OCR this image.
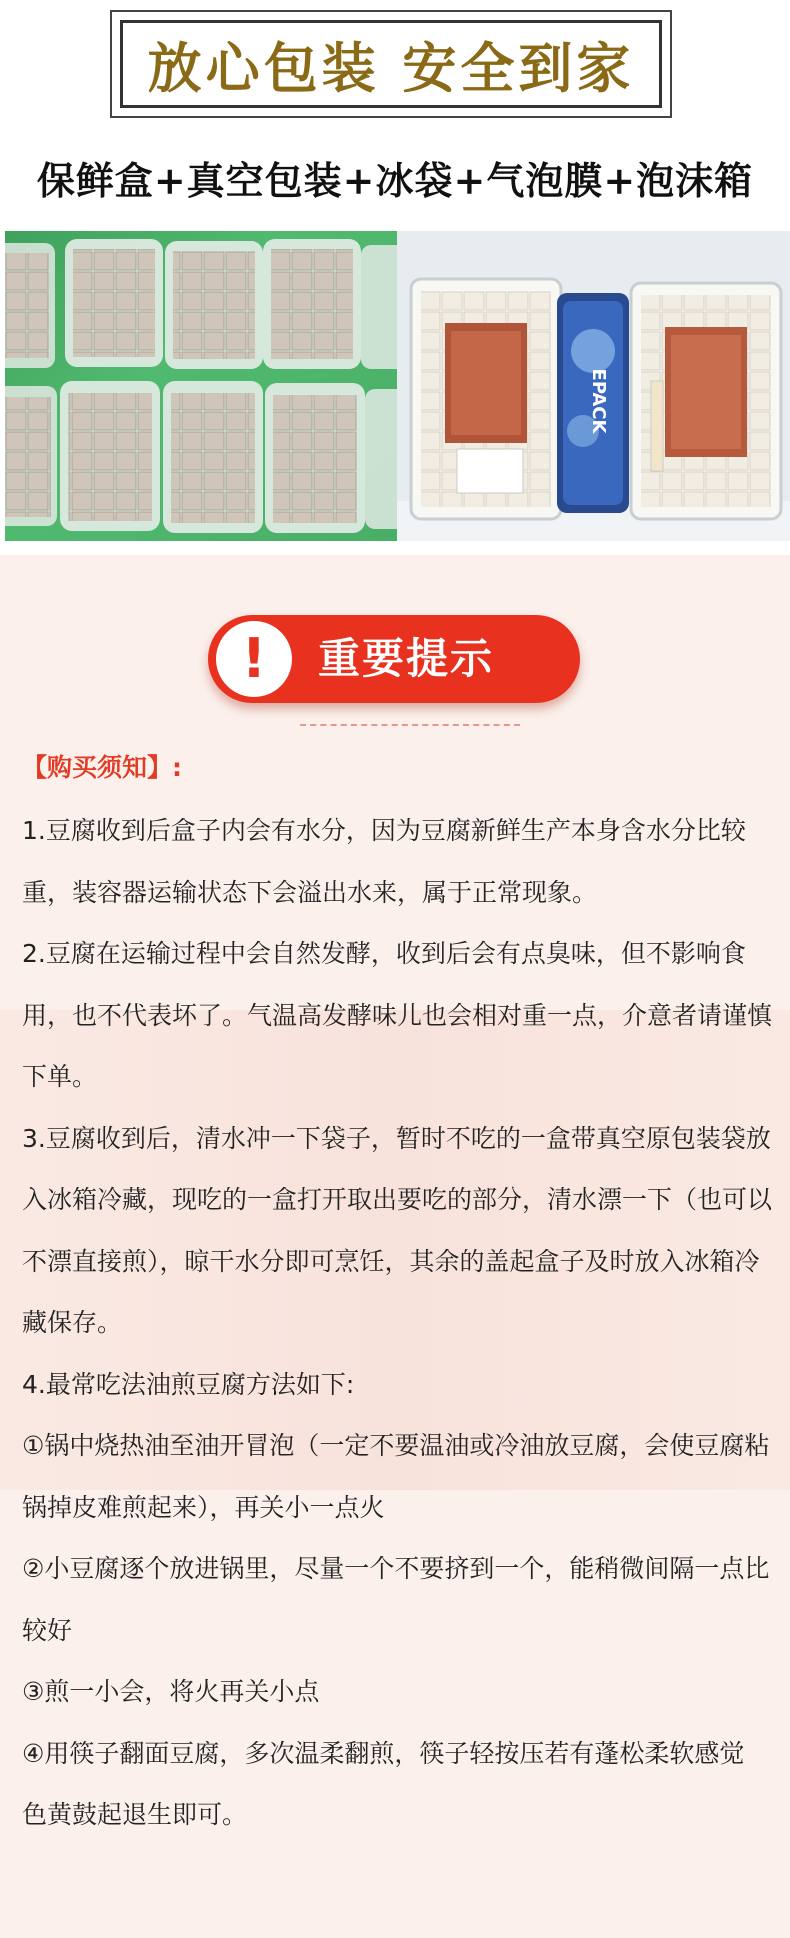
放心包装 安全到家
保鲜盒+真空包装+冰袋+气泡膜+泡沫箱
EPACK
! 重要提示
【购买须知】:

1.豆腐收到后盒子内会有水分，因为豆腐新鲜生产本身含水分比较重，装容器运输状态下会溢出水来，属于正常现象。

2.豆腐在运输过程中会自然发酵，收到后会有点臭味，但不影响食用，也不代表坏了。气温高发酵味儿也会相对重一点，介意者请谨慎下单。

3.豆腐收到后，清水冲一下袋子，暂时不吃的一盒带真空原包装袋放入冰箱冷藏，现吃的一盒打开取出要吃的部分，清水漂一下（也可以不漂直接煎），晾干水分即可烹饪，其余的盖起盒子及时放入冰箱冷藏保存。

4.最常吃法油煎豆腐方法如下:

①锅中烧热油至油开冒泡（一定不要温油或冷油放豆腐，会使豆腐粘锅掉皮难煎起来），再关小一点火

②小豆腐逐个放进锅里，尽量一个不要挤到一个，能稍微间隔一点比较好

③煎一小会，将火再关小点

④用筷子翻面豆腐，多次温柔翻煎，筷子轻按压若有蓬松柔软感觉 色黄鼓起退生即可。
